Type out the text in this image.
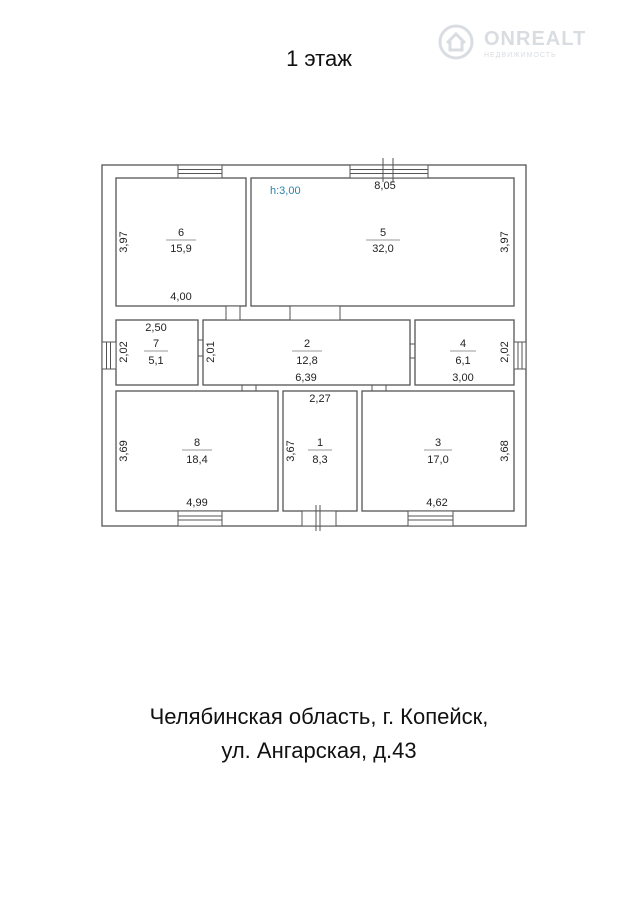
1 этаж
ONREALT
НЕДВИЖИМОСТЬ
h:3,00
6
15,9
5
32,0
7
5,1
2
12,8
4
6,1
8
18,4
1
8,3
3
17,0
8,05
4,00
2,50
6,39	3,00
2,27
4,99	4,62
3,97	3,97
2,02	2,01	2,02
3,69	3,67	3,68
Челябинская область, г. Копейск,
ул. Ангарская, д.43
